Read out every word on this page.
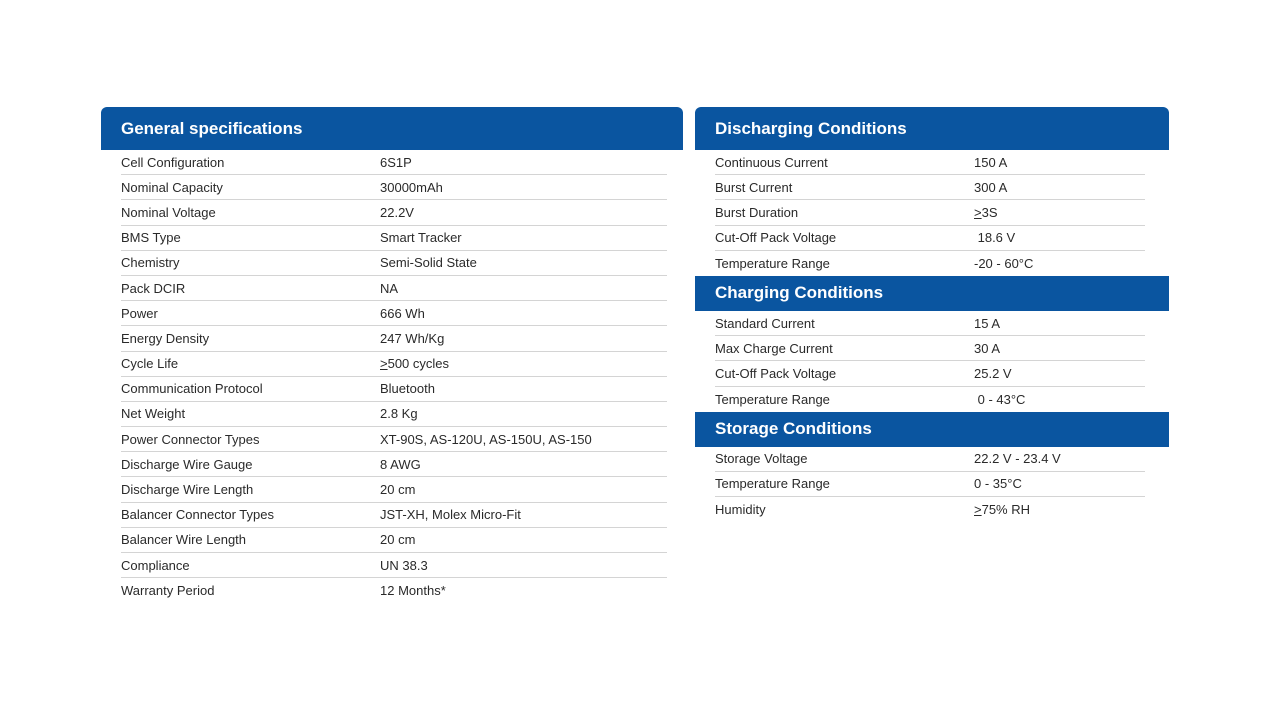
General specifications
Cell Configuration	6S1P
Nominal Capacity	30000mAh
Nominal Voltage	22.2V
BMS Type	Smart Tracker
Chemistry	Semi-Solid State
Pack DCIR	NA
Power	666 Wh
Energy Density	247 Wh/Kg
Cycle Life	≥500 cycles
Communication Protocol	Bluetooth
Net Weight	2.8 Kg
Power Connector Types	XT-90S, AS-120U, AS-150U, AS-150
Discharge Wire Gauge	8 AWG
Discharge Wire Length	20 cm
Balancer Connector Types	JST-XH, Molex Micro-Fit
Balancer Wire Length	20 cm
Compliance	UN 38.3
Warranty Period	12 Months*
Discharging Conditions
Continuous Current	150 A
Burst Current	300 A
Burst Duration	≥3S
Cut-Off Pack Voltage	18.6 V
Temperature Range	-20 - 60°C
Charging Conditions
Standard Current	15 A
Max Charge Current	30 A
Cut-Off Pack Voltage	25.2 V
Temperature Range	0 - 43°C
Storage Conditions
Storage Voltage	22.2 V - 23.4 V
Temperature Range	0 - 35°C
Humidity	≥75% RH
